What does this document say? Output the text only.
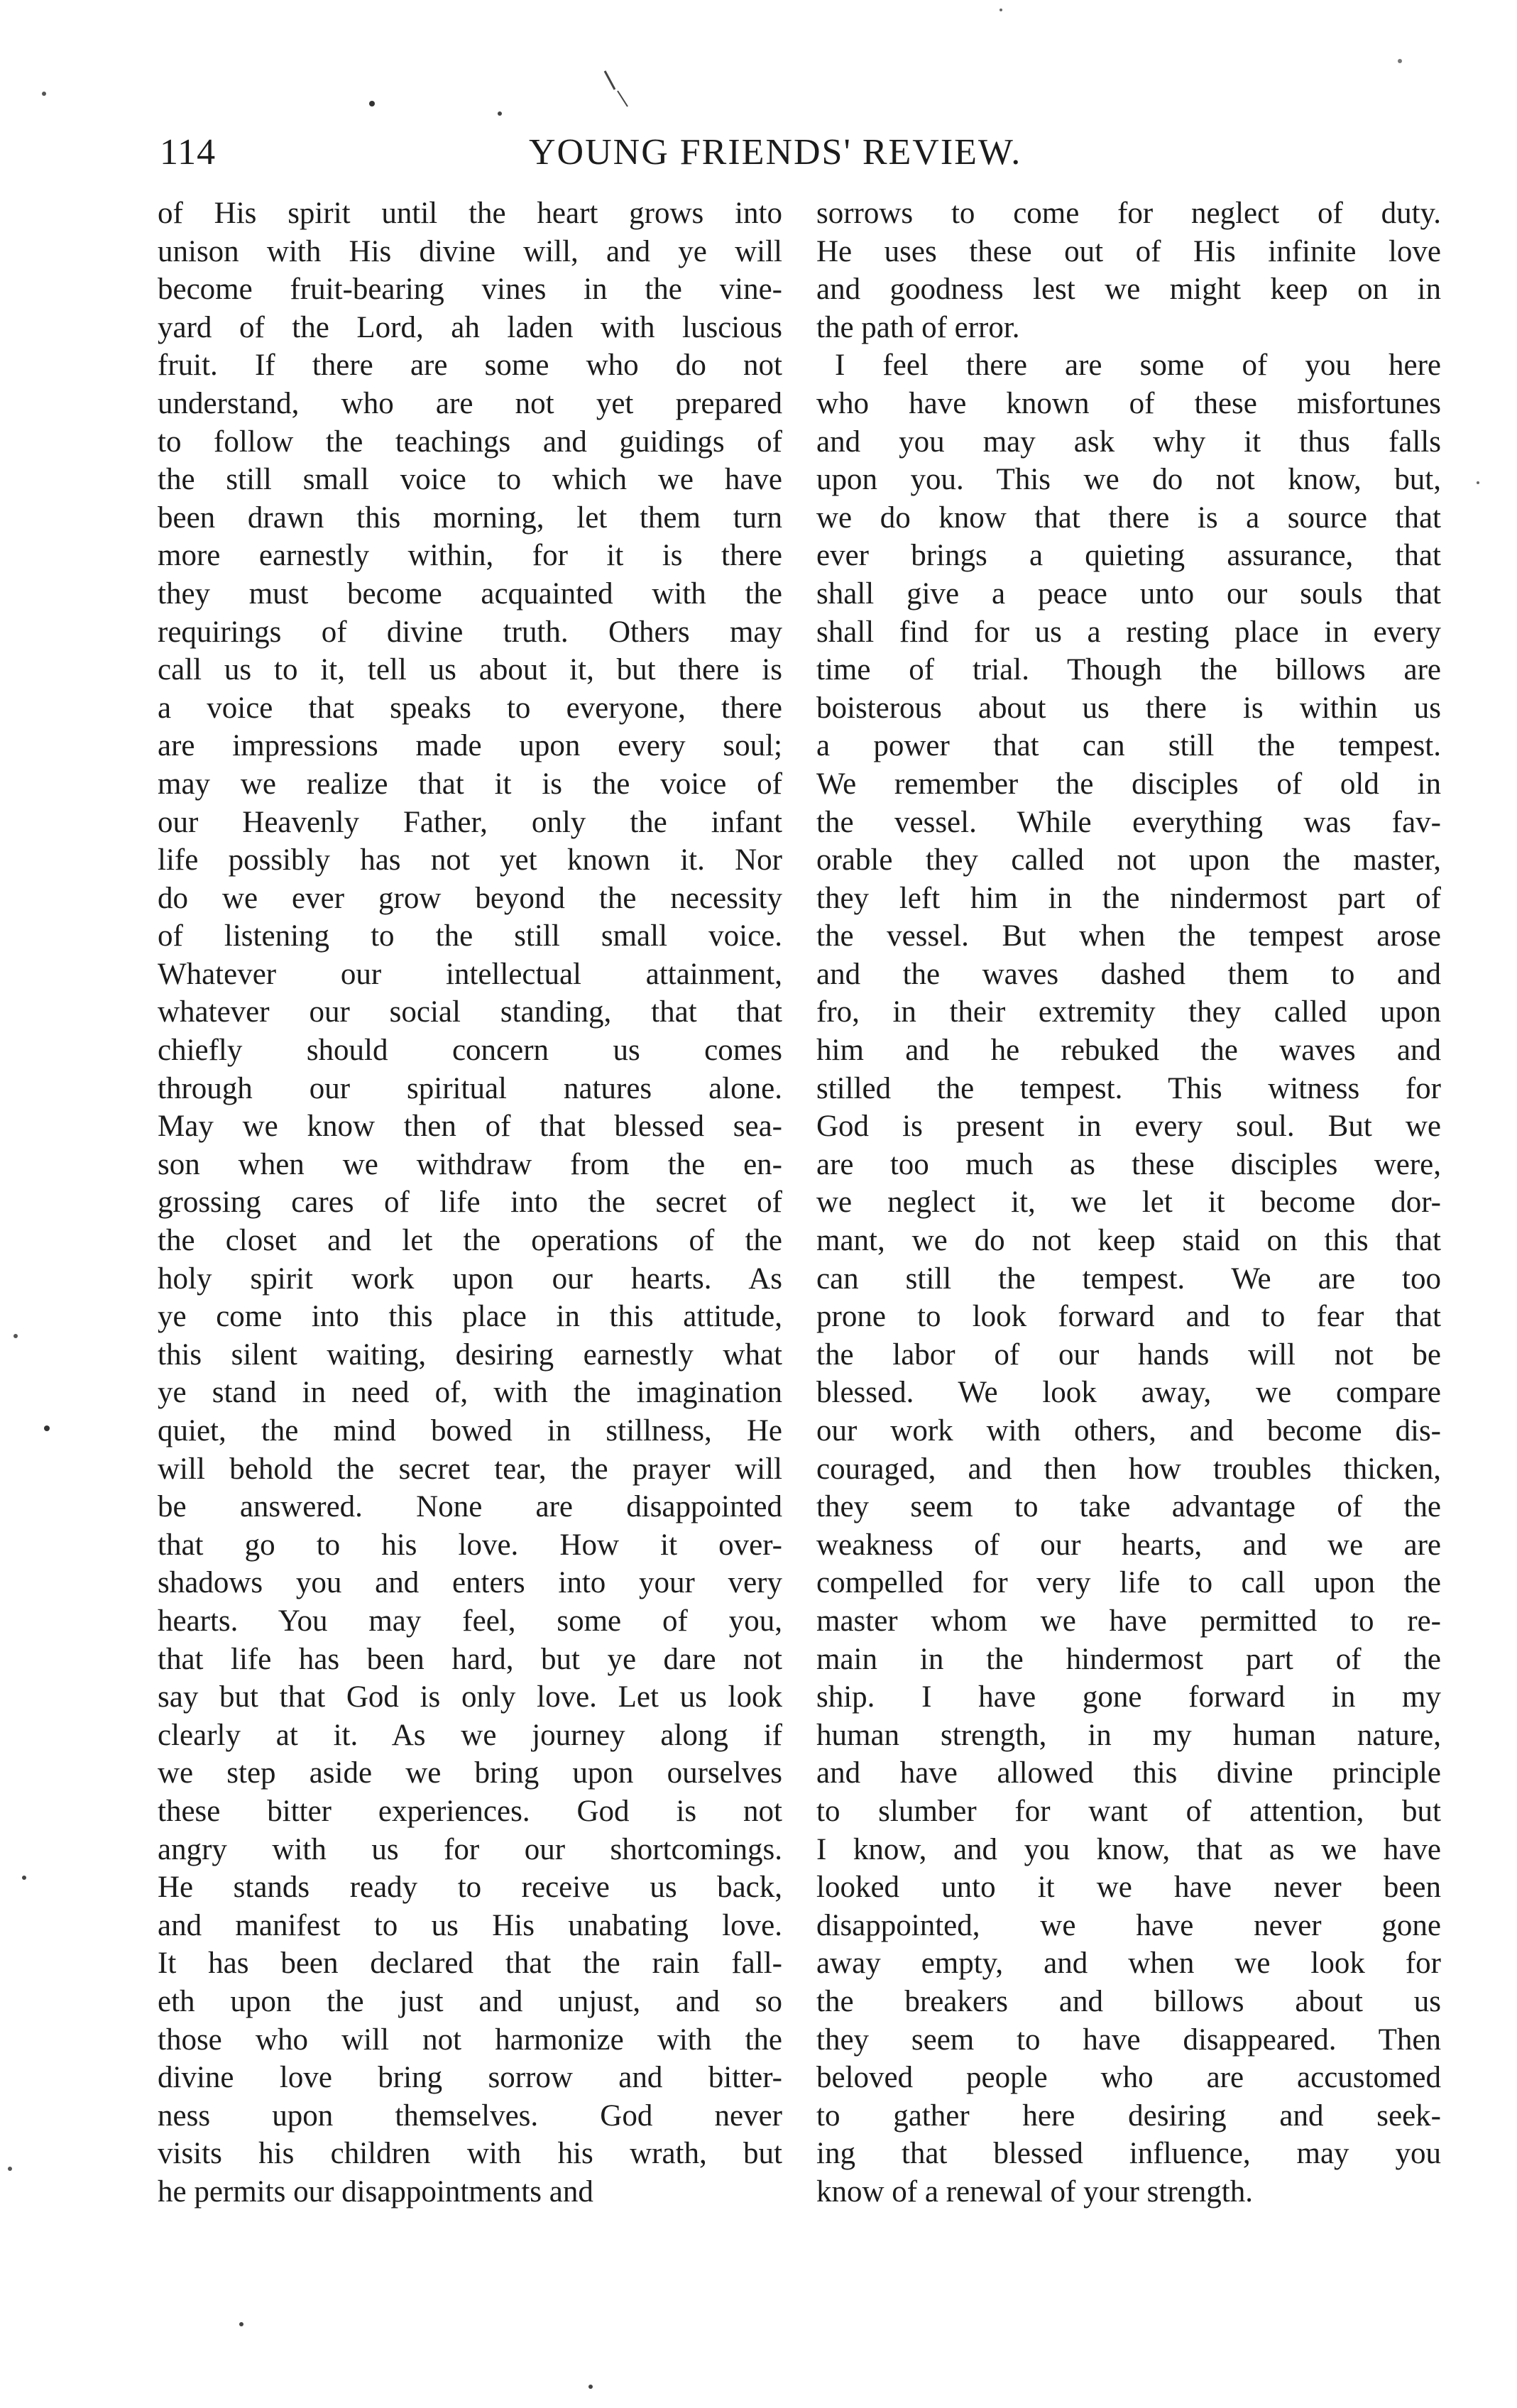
114	YOUNG FRIENDS' REVIEW.
of His spirit until the heart grows into
unison with His divine will, and ye will
become fruit-bearing vines in the vine-
yard of the Lord, ah laden with luscious
fruit. If there are some who do not
understand, who are not yet prepared
to follow the teachings and guidings of
the still small voice to which we have
been drawn this morning, let them turn
more earnestly within, for it is there
they must become acquainted with the
requirings of divine truth. Others may
call us to it, tell us about it, but there is
a voice that speaks to everyone, there
are impressions made upon every soul;
may we realize that it is the voice of
our Heavenly Father, only the infant
life possibly has not yet known it. Nor
do we ever grow beyond the necessity
of listening to the still small voice.
Whatever our intellectual attainment,
whatever our social standing, that that
chiefly should concern us comes
through our spiritual natures alone.
May we know then of that blessed sea-
son when we withdraw from the en-
grossing cares of life into the secret of
the closet and let the operations of the
holy spirit work upon our hearts. As
ye come into this place in this attitude,
this silent waiting, desiring earnestly what
ye stand in need of, with the imagination
quiet, the mind bowed in stillness, He
will behold the secret tear, the prayer will
be answered. None are disappointed
that go to his love. How it over-
shadows you and enters into your very
hearts. You may feel, some of you,
that life has been hard, but ye dare not
say but that God is only love. Let us look
clearly at it. As we journey along if
we step aside we bring upon ourselves
these bitter experiences. God is not
angry with us for our shortcomings.
He stands ready to receive us back,
and manifest to us His unabating love.
It has been declared that the rain fall-
eth upon the just and unjust, and so
those who will not harmonize with the
divine love bring sorrow and bitter-
ness upon themselves. God never
visits his children with his wrath, but
he permits our disappointments and
sorrows to come for neglect of duty.
He uses these out of His infinite love
and goodness lest we might keep on in
the path of error.
I feel there are some of you here
who have known of these misfortunes
and you may ask why it thus falls
upon you. This we do not know, but,
we do know that there is a source that
ever brings a quieting assurance, that
shall give a peace unto our souls that
shall find for us a resting place in every
time of trial. Though the billows are
boisterous about us there is within us
a power that can still the tempest.
We remember the disciples of old in
the vessel. While everything was fav-
orable they called not upon the master,
they left him in the nindermost part of
the vessel. But when the tempest arose
and the waves dashed them to and
fro, in their extremity they called upon
him and he rebuked the waves and
stilled the tempest. This witness for
God is present in every soul. But we
are too much as these disciples were,
we neglect it, we let it become dor-
mant, we do not keep staid on this that
can still the tempest. We are too
prone to look forward and to fear that
the labor of our hands will not be
blessed. We look away, we compare
our work with others, and become dis-
couraged, and then how troubles thicken,
they seem to take advantage of the
weakness of our hearts, and we are
compelled for very life to call upon the
master whom we have permitted to re-
main in the hindermost part of the
ship. I have gone forward in my
human strength, in my human nature,
and have allowed this divine principle
to slumber for want of attention, but
I know, and you know, that as we have
looked unto it we have never been
disappointed, we have never gone
away empty, and when we look for
the breakers and billows about us
they seem to have disappeared. Then
beloved people who are accustomed
to gather here desiring and seek-
ing that blessed influence, may you
know of a renewal of your strength.
